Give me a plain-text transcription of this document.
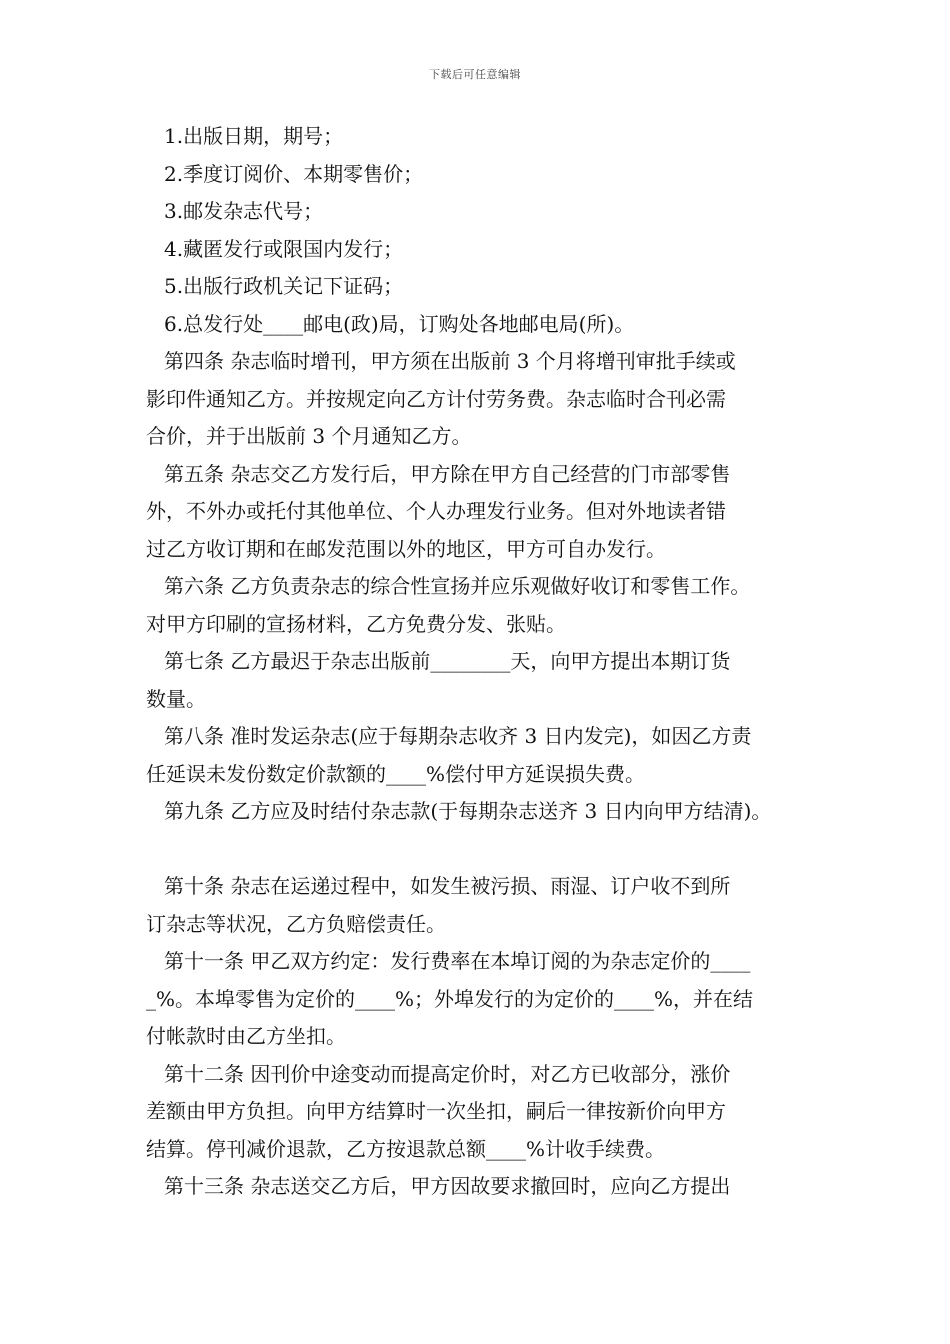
下载后可任意编辑
1.出版日期，期号；
2.季度订阅价、本期零售价；
3.邮发杂志代号；
4.藏匿发行或限国内发行；
5.出版行政机关记下证码；
6.总发行处____邮电(政)局，订购处各地邮电局(所)。
第四条 杂志临时增刊，甲方须在出版前 3 个月将增刊审批手续或
影印件通知乙方。并按规定向乙方计付劳务费。杂志临时合刊必需
合价，并于出版前 3 个月通知乙方。
第五条 杂志交乙方发行后，甲方除在甲方自己经营的门市部零售
外，不外办或托付其他单位、个人办理发行业务。但对外地读者错
过乙方收订期和在邮发范围以外的地区，甲方可自办发行。
第六条 乙方负责杂志的综合性宣扬并应乐观做好收订和零售工作。
对甲方印刷的宣扬材料，乙方免费分发、张贴。
第七条 乙方最迟于杂志出版前________天，向甲方提出本期订货
数量。
第八条 准时发运杂志(应于每期杂志收齐 3 日内发完)，如因乙方责
任延误未发份数定价款额的____%偿付甲方延误损失费。
第九条 乙方应及时结付杂志款(于每期杂志送齐 3 日内向甲方结清)。
第十条 杂志在运递过程中，如发生被污损、雨湿、订户收不到所
订杂志等状况，乙方负赔偿责任。
第十一条 甲乙双方约定：发行费率在本埠订阅的为杂志定价的____
_%。本埠零售为定价的____%；外埠发行的为定价的____%，并在结
付帐款时由乙方坐扣。
第十二条 因刊价中途变动而提高定价时，对乙方已收部分，涨价
差额由甲方负担。向甲方结算时一次坐扣，嗣后一律按新价向甲方
结算。停刊减价退款，乙方按退款总额____%计收手续费。
第十三条 杂志送交乙方后，甲方因故要求撤回时，应向乙方提出
